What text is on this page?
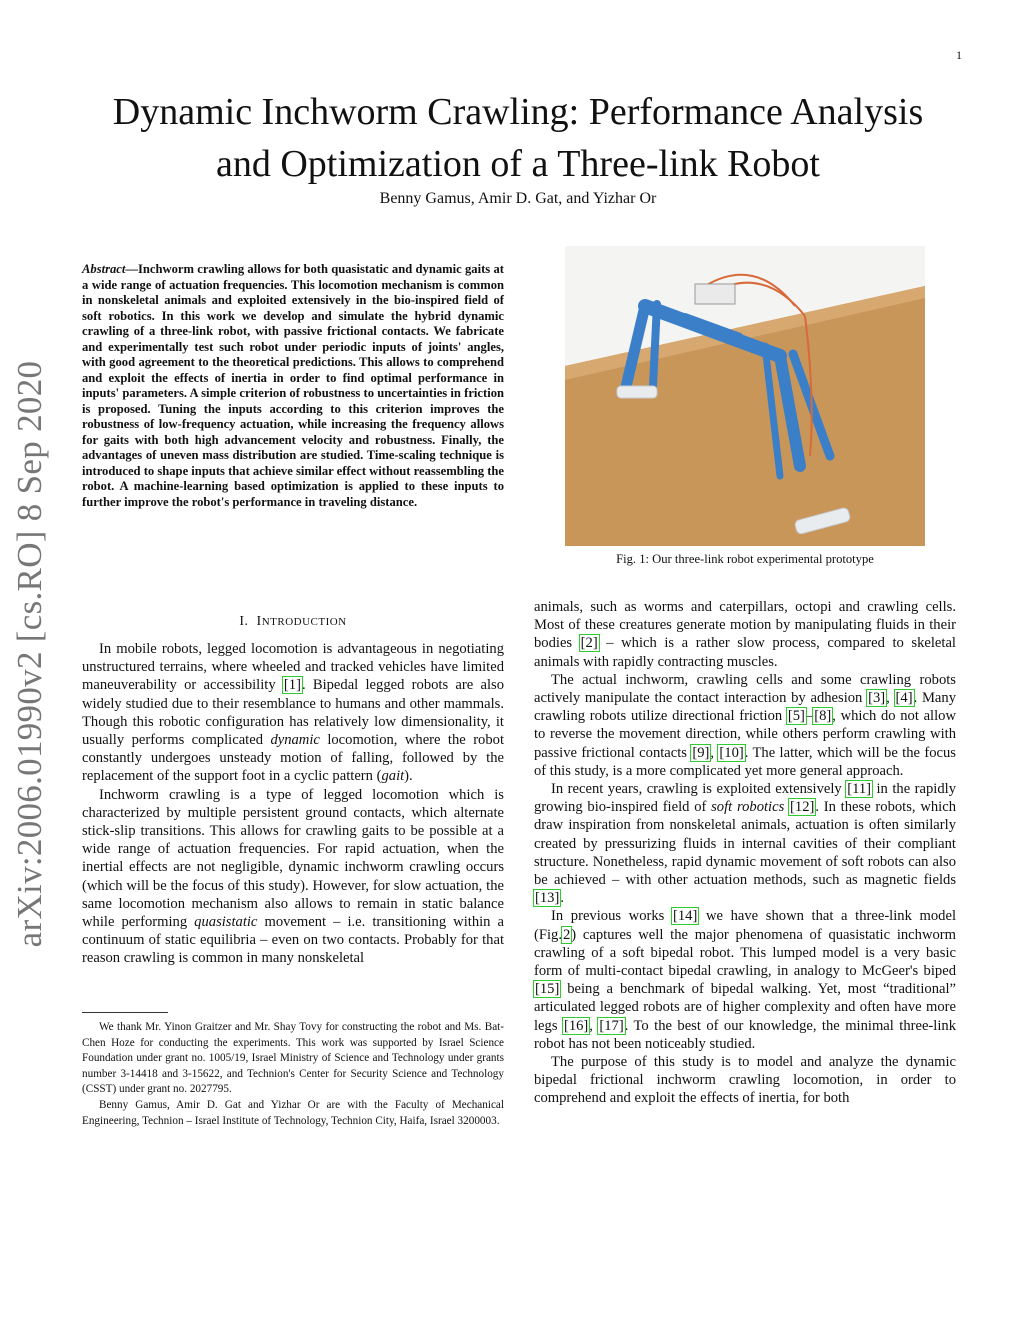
1
Dynamic Inchworm Crawling: Performance Analysis
and Optimization of a Three-link Robot
Benny Gamus, Amir D. Gat, and Yizhar Or
arXiv:2006.01990v2 [cs.RO] 8 Sep 2020
Abstract—Inchworm crawling allows for both quasistatic and dynamic gaits at a wide range of actuation frequencies. This locomotion mechanism is common in nonskeletal animals and exploited extensively in the bio-inspired field of soft robotics. In this work we develop and simulate the hybrid dynamic crawling of a three-link robot, with passive frictional contacts. We fabricate and experimentally test such robot under periodic inputs of joints' angles, with good agreement to the theoretical predictions. This allows to comprehend and exploit the effects of inertia in order to find optimal performance in inputs' parameters. A simple criterion of robustness to uncertainties in friction is proposed. Tuning the inputs according to this criterion improves the robustness of low-frequency actuation, while increasing the frequency allows for gaits with both high advancement velocity and robustness. Finally, the advantages of uneven mass distribution are studied. Time-scaling technique is introduced to shape inputs that achieve similar effect without reassembling the robot. A machine-learning based optimization is applied to these inputs to further improve the robot's performance in traveling distance.
I. INTRODUCTION

In mobile robots, legged locomotion is advantageous in negotiating unstructured terrains, where wheeled and tracked vehicles have limited maneuverability or accessibility [1]. Bipedal legged robots are also widely studied due to their resemblance to humans and other mammals. Though this robotic configuration has relatively low dimensionality, it usually performs complicated dynamic locomotion, where the robot constantly undergoes unsteady motion of falling, followed by the replacement of the support foot in a cyclic pattern (gait).

Inchworm crawling is a type of legged locomotion which is characterized by multiple persistent ground contacts, which alternate stick-slip transitions. This allows for crawling gaits to be possible at a wide range of actuation frequencies. For rapid actuation, when the inertial effects are not negligible, dynamic inchworm crawling occurs (which will be the focus of this study). However, for slow actuation, the same locomotion mechanism also allows to remain in static balance while performing quasistatic movement – i.e. transitioning within a continuum of static equilibria – even on two contacts. Probably for that reason crawling is common in many nonskeletal

We thank Mr. Yinon Graitzer and Mr. Shay Tovy for constructing the robot and Ms. Bat-Chen Hoze for conducting the experiments. This work was supported by Israel Science Foundation under grant no. 1005/19, Israel Ministry of Science and Technology under grants number 3-14418 and 3-15622, and Technion's Center for Security Science and Technology (CSST) under grant no. 2027795.

Benny Gamus, Amir D. Gat and Yizhar Or are with the Faculty of Mechanical Engineering, Technion – Israel Institute of Technology, Technion City, Haifa, Israel 3200003.

Fig. 1: Our three-link robot experimental prototype

animals, such as worms and caterpillars, octopi and crawling cells. Most of these creatures generate motion by manipulating fluids in their bodies [2] – which is a rather slow process, compared to skeletal animals with rapidly contracting muscles.

The actual inchworm, crawling cells and some crawling robots actively manipulate the contact interaction by adhesion [3], [4]. Many crawling robots utilize directional friction [5]–[8], which do not allow to reverse the movement direction, while others perform crawling with passive frictional contacts [9], [10]. The latter, which will be the focus of this study, is a more complicated yet more general approach.

In recent years, crawling is exploited extensively [11] in the rapidly growing bio-inspired field of soft robotics [12]. In these robots, which draw inspiration from nonskeletal animals, actuation is often similarly created by pressurizing fluids in internal cavities of their compliant structure. Nonetheless, rapid dynamic movement of soft robots can also be achieved – with other actuation methods, such as magnetic fields [13].

In previous works [14] we have shown that a three-link model (Fig.2) captures well the major phenomena of quasistatic inchworm crawling of a soft bipedal robot. This lumped model is a very basic form of multi-contact bipedal crawling, in analogy to McGeer's biped [15] being a benchmark of bipedal walking. Yet, most “traditional” articulated legged robots are of higher complexity and often have more legs [16], [17]. To the best of our knowledge, the minimal three-link robot has not been noticeably studied.

The purpose of this study is to model and analyze the dynamic bipedal frictional inchworm crawling locomotion, in order to comprehend and exploit the effects of inertia, for both
